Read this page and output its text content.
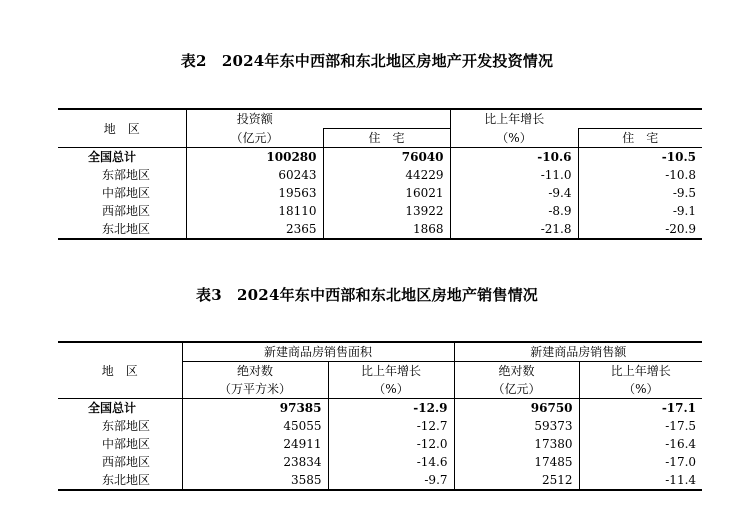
表2　2024年东中西部和东北地区房地产开发投资情况
地　区	投资额		比上年增长	
	（亿元）	住　宅	（%）	住　宅
全国总计	100280	76040	-10.6	-10.5
东部地区	60243	44229	-11.0	-10.8
中部地区	19563	16021	-9.4	-9.5
西部地区	18110	13922	-8.9	-9.1
东北地区	2365	1868	-21.8	-20.9
表3　2024年东中西部和东北地区房地产销售情况
地　区	新建商品房销售面积		新建商品房销售额	
	绝对数	比上年增长	绝对数	比上年增长
	（万平方米）	（%）	（亿元）	（%）
全国总计	97385	-12.9	96750	-17.1
东部地区	45055	-12.7	59373	-17.5
中部地区	24911	-12.0	17380	-16.4
西部地区	23834	-14.6	17485	-17.0
东北地区	3585	-9.7	2512	-11.4
